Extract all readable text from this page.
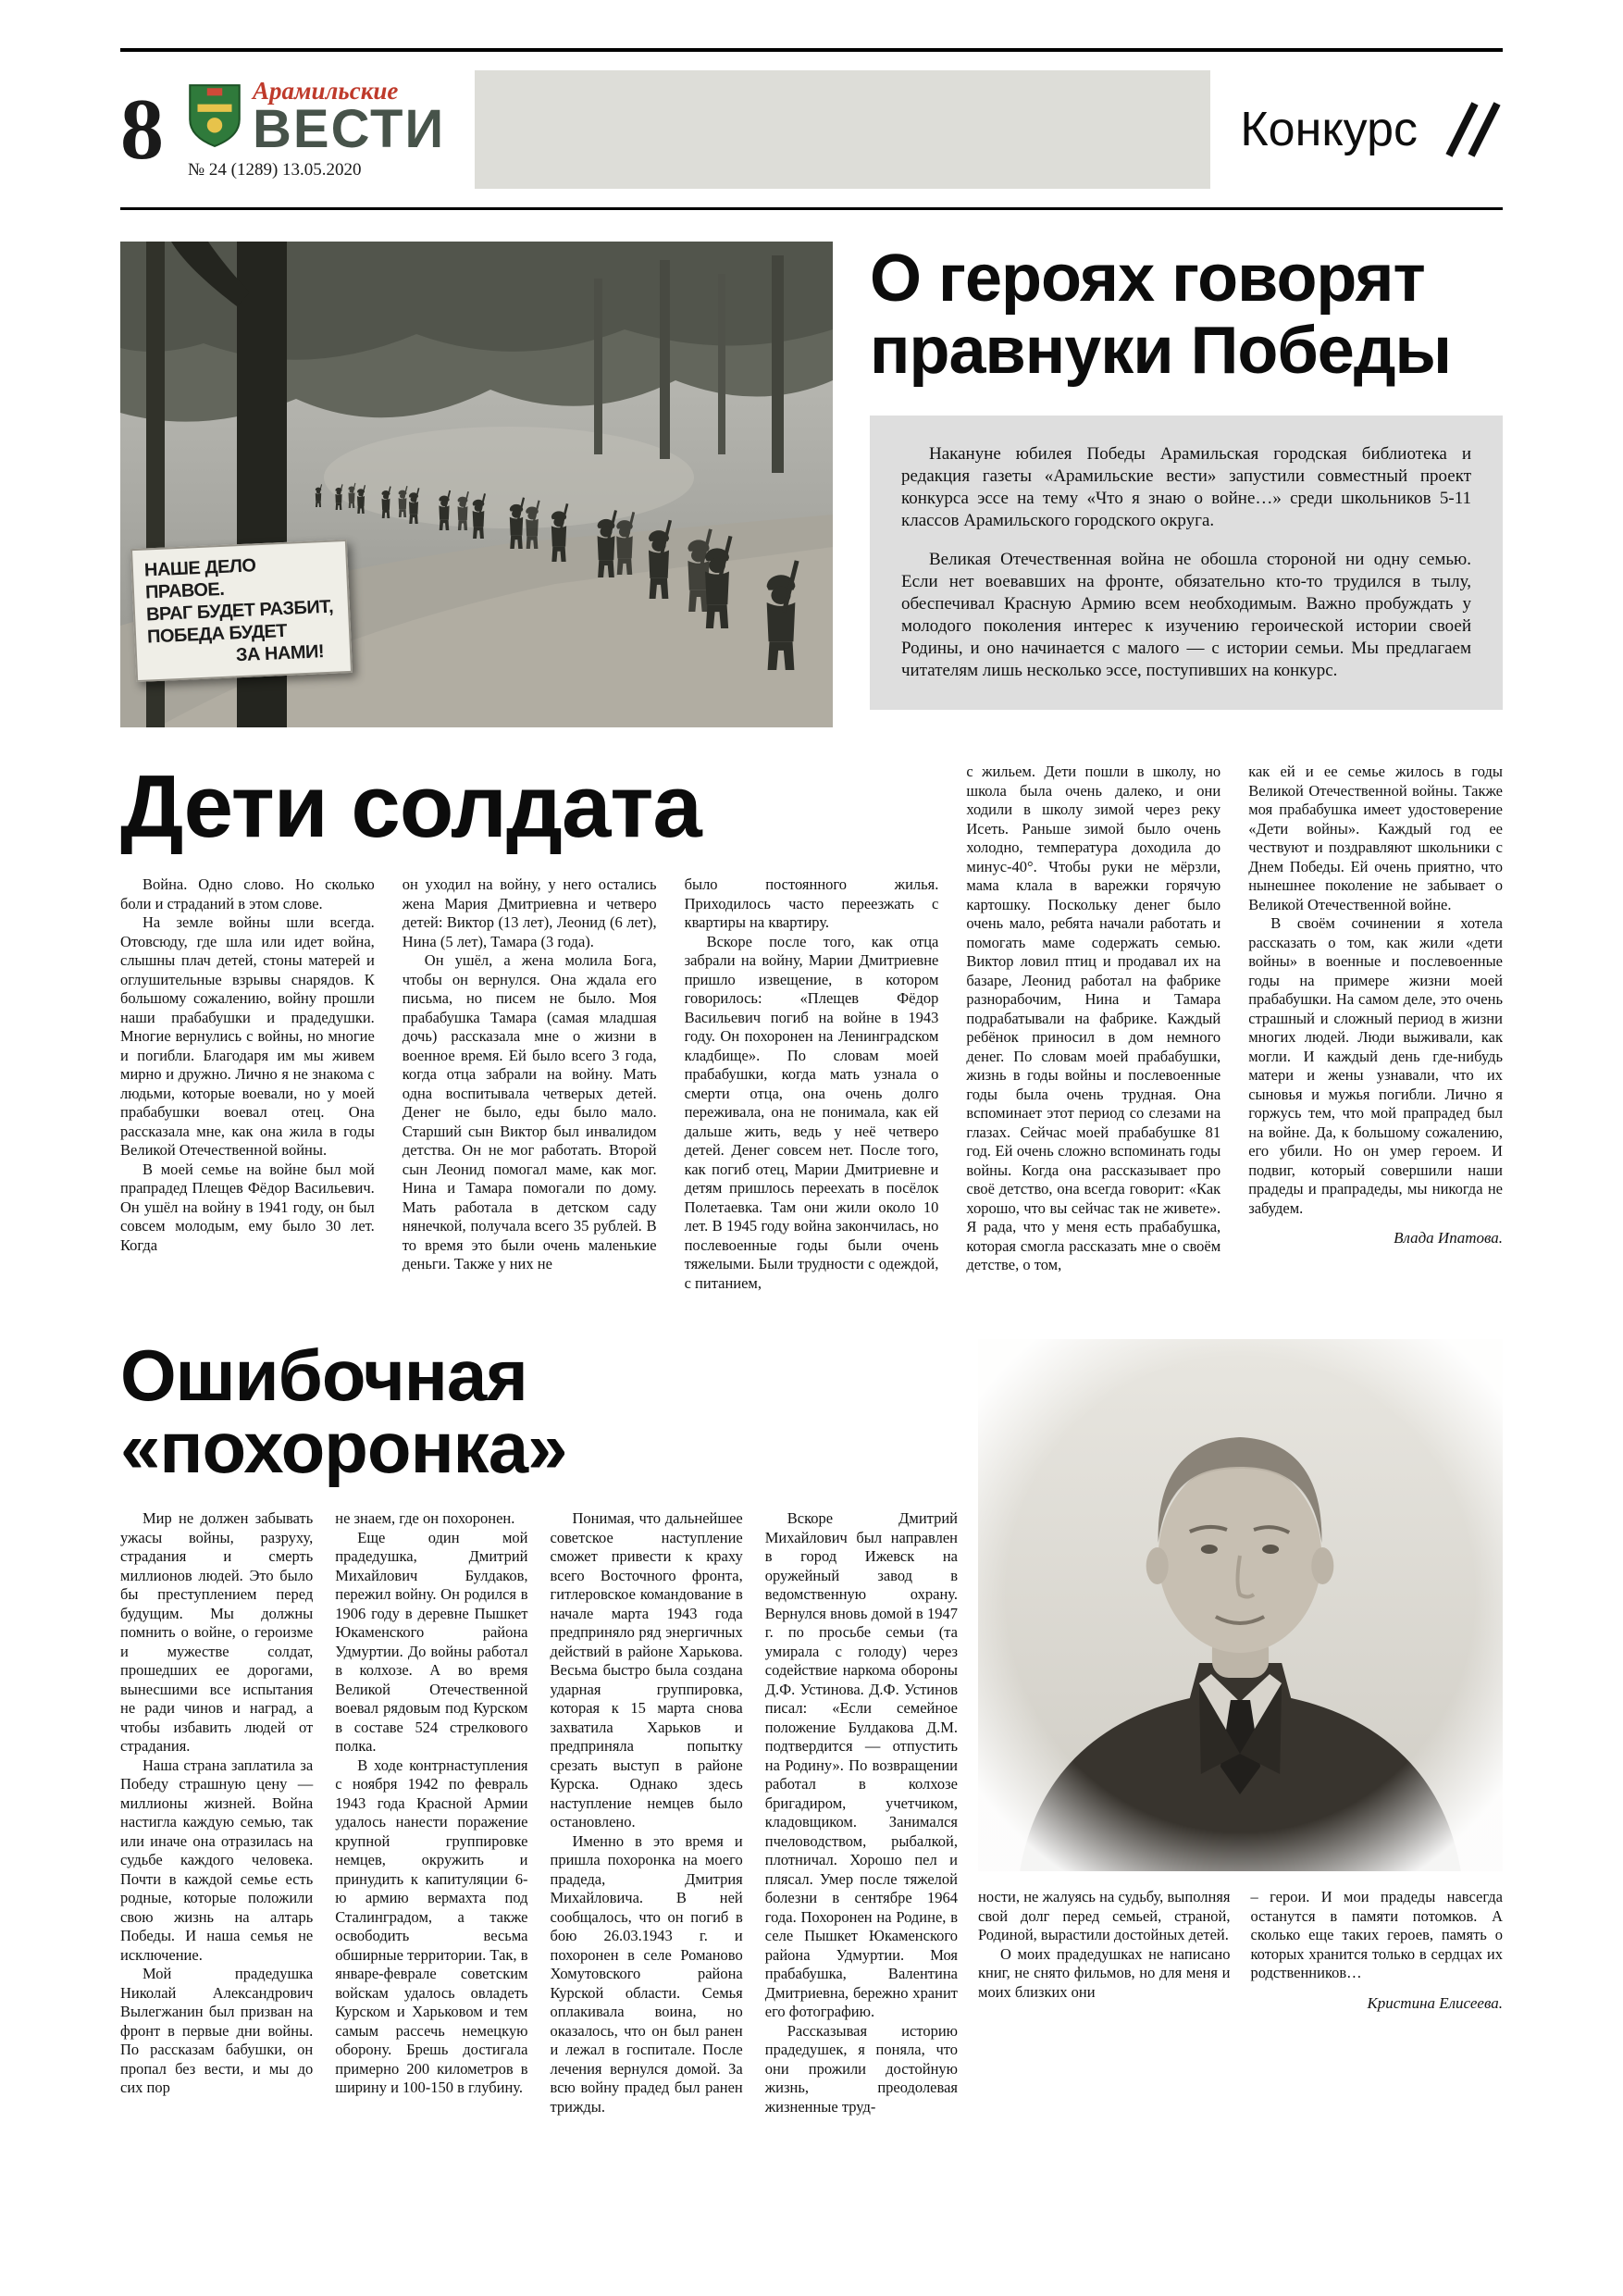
8	Арамильские
ВЕСТИ
№ 24 (1289) 13.05.2020
Конкурс

НАШЕ ДЕЛО ПРАВОЕ.

ВРАГ БУДЕТ РАЗБИТ,

ПОБЕДА БУДЕТ

ЗА НАМИ!

О героях говорят правнуки Победы

Накануне юбилея Победы Арамильская городская библиотека и редакция газеты «Арамильские вести» запустили совместный проект конкурса эссе на тему «Что я знаю о войне…» среди школьников 5-11 классов Арамильского городского округа.

Великая Отечественная война не обошла стороной ни одну семью. Если нет воевавших на фронте, обязательно кто-то трудился в тылу, обеспечивал Красную Армию всем необходимым. Важно пробуждать у молодого поколения интерес к изучению героической истории своей Родины, и оно начинается с малого — с истории семьи. Мы предлагаем читателям лишь несколько эссе, поступивших на конкурс.

Дети солдата

Война. Одно слово. Но сколько боли и страданий в этом слове.

На земле войны шли всегда. Отовсюду, где шла или идет война, слышны плач детей, стоны матерей и оглушительные взрывы снарядов. К большому сожалению, войну прошли наши прабабушки и прадедушки. Многие вернулись с войны, но многие и погибли. Благодаря им мы живем мирно и дружно. Лично я не знакома с людьми, которые воевали, но у моей прабабушки воевал отец. Она рассказала мне, как она жила в годы Великой Отечественной войны.

В моей семье на войне был мой прапрадед Плещев Фёдор Васильевич. Он ушёл на войну в 1941 году, он был совсем молодым, ему было 30 лет. Когда

он уходил на войну, у него остались жена Мария Дмитриевна и четверо детей: Виктор (13 лет), Леонид (6 лет), Нина (5 лет), Тамара (3 года).

Он ушёл, а жена молила Бога, чтобы он вернулся. Она ждала его письма, но писем не было. Моя прабабушка Тамара (самая младшая дочь) рассказала мне о жизни в военное время. Ей было всего 3 года, когда отца забрали на войну. Мать одна воспитывала четверых детей. Денег не было, еды было мало. Старший сын Виктор был инвалидом детства. Он не мог работать. Второй сын Леонид помогал маме, как мог. Нина и Тамара помогали по дому. Мать работала в детском саду нянечкой, получала всего 35 рублей. В то время это были очень маленькие деньги. Также у них не

было постоянного жилья. Приходилось часто переезжать с квартиры на квартиру.

Вскоре после того, как отца забрали на войну, Марии Дмитриевне пришло извещение, в котором говорилось: «Плещев Фёдор Васильевич погиб на войне в 1943 году. Он похоронен на Ленинградском кладбище». По словам моей прабабушки, когда мать узнала о смерти отца, она очень долго переживала, она не понимала, как ей дальше жить, ведь у неё четверо детей. Денег совсем нет. После того, как погиб отец, Марии Дмитриевне и детям пришлось переехать в посёлок Полетаевка. Там они жили около 10 лет. В 1945 году война закончилась, но послевоенные годы были очень тяжелыми. Были трудности с одеждой, с питанием,

с жильем. Дети пошли в школу, но школа была очень далеко, и они ходили в школу зимой через реку Исеть. Раньше зимой было очень холодно, температура доходила до минус-40°. Чтобы руки не мёрзли, мама клала в варежки горячую картошку. Поскольку денег было очень мало, ребята начали работать и помогать маме содержать семью. Виктор ловил птиц и продавал их на базаре, Леонид работал на фабрике разнорабочим, Нина и Тамара подрабатывали на фабрике. Каждый ребёнок приносил в дом немного денег. По словам моей прабабушки, жизнь в годы войны и послевоенные годы была очень трудная. Она вспоминает этот период со слезами на глазах. Сейчас моей прабабушке 81 год. Ей очень сложно вспоминать годы войны. Когда она рассказывает про своё детство, она всегда говорит: «Как хорошо, что вы сейчас так не живете». Я рада, что у меня есть прабабушка, которая смогла рассказать мне о своём детстве, о том,

как ей и ее семье жилось в годы Великой Отечественной войны. Также моя прабабушка имеет удостоверение «Дети войны». Каждый год ее чествуют и поздравляют школьники с Днем Победы. Ей очень приятно, что нынешнее поколение не забывает о Великой Отечественной войне.

В своём сочинении я хотела рассказать о том, как жили «дети войны» в военные и послевоенные годы на примере жизни моей прабабушки. На самом деле, это очень страшный и сложный период в жизни многих людей. Люди выживали, как могли. И каждый день где-нибудь матери и жены узнавали, что их сыновья и мужья погибли. Лично я горжусь тем, что мой прапрадед был на войне. Да, к большому сожалению, его убили. Но он умер героем. И подвиг, который совершили наши прадеды и прапрадеды, мы никогда не забудем.

Влада Ипатова.

Ошибочная «похоронка»

Мир не должен забывать ужасы войны, разруху, страдания и смерть миллионов людей. Это было бы преступлением перед будущим. Мы должны помнить о войне, о героизме и мужестве солдат, прошедших ее дорогами, вынесшими все испытания не ради чинов и наград, а чтобы избавить людей от страдания.

Наша страна заплатила за Победу страшную цену — миллионы жизней. Война настигла каждую семью, так или иначе она отразилась на судьбе каждого человека. Почти в каждой семье есть родные, которые положили свою жизнь на алтарь Победы. И наша семья не исключение.

Мой прадедушка Николай Александрович Вылегжанин был призван на фронт в первые дни войны. По рассказам бабушки, он пропал без вести, и мы до сих пор

не знаем, где он похоронен.

Еще один мой прадедушка, Дмитрий Михайлович Булдаков, пережил войну. Он родился в 1906 году в деревне Пышкет Юкаменского района Удмуртии. До войны работал в колхозе. А во время Великой Отечественной воевал рядовым под Курском в составе 524 стрелкового полка.

В ходе контрнаступления с ноября 1942 по февраль 1943 года Красной Армии удалось нанести поражение крупной группировке немцев, окружить и принудить к капитуляции 6-ю армию вермахта под Сталинградом, а также освободить весьма обширные территории. Так, в январе-феврале советским войскам удалось овладеть Курском и Харьковом и тем самым рассечь немецкую оборону. Брешь достигала примерно 200 километров в ширину и 100-150 в глубину.

Понимая, что дальнейшее советское наступление сможет привести к краху всего Восточного фронта, гитлеровское командование в начале марта 1943 года предприняло ряд энергичных действий в районе Харькова. Весьма быстро была создана ударная группировка, которая к 15 марта снова захватила Харьков и предприняла попытку срезать выступ в районе Курска. Однако здесь наступление немцев было остановлено.

Именно в это время и пришла похоронка на моего прадеда, Дмитрия Михайловича. В ней сообщалось, что он погиб в бою 26.03.1943 г. и похоронен в селе Романово Хомутовского района Курской области. Семья оплакивала воина, но оказалось, что он был ранен и лежал в госпитале. После лечения вернулся домой. За всю войну прадед был ранен трижды.

Вскоре Дмитрий Михайлович был направлен в город Ижевск на оружейный завод в ведомственную охрану. Вернулся вновь домой в 1947 г. по просьбе семьи (та умирала с голоду) через содействие наркома обороны Д.Ф. Устинова. Д.Ф. Устинов писал: «Если семейное положение Булдакова Д.М. подтвердится — отпустить на Родину». По возвращении работал в колхозе бригадиром, учетчиком, кладовщиком. Занимался пчеловодством, рыбалкой, плотничал. Хорошо пел и плясал. Умер после тяжелой болезни в сентябре 1964 года. Похоронен на Родине, в селе Пышкет Юкаменского района Удмуртии. Моя прабабушка, Валентина Дмитриевна, бережно хранит его фотографию.

Рассказывая историю прадедушек, я поняла, что они прожили достойную жизнь, преодолевая жизненные труд-

ности, не жалуясь на судьбу, выполняя свой долг перед семьей, страной, Родиной, вырастили достойных детей.

О моих прадедушках не написано книг, не снято фильмов, но для меня и моих близких они

– герои. И мои прадеды навсегда останутся в памяти потомков. А сколько еще таких героев, память о которых хранится только в сердцах их родственников…

Кристина Елисеева.
